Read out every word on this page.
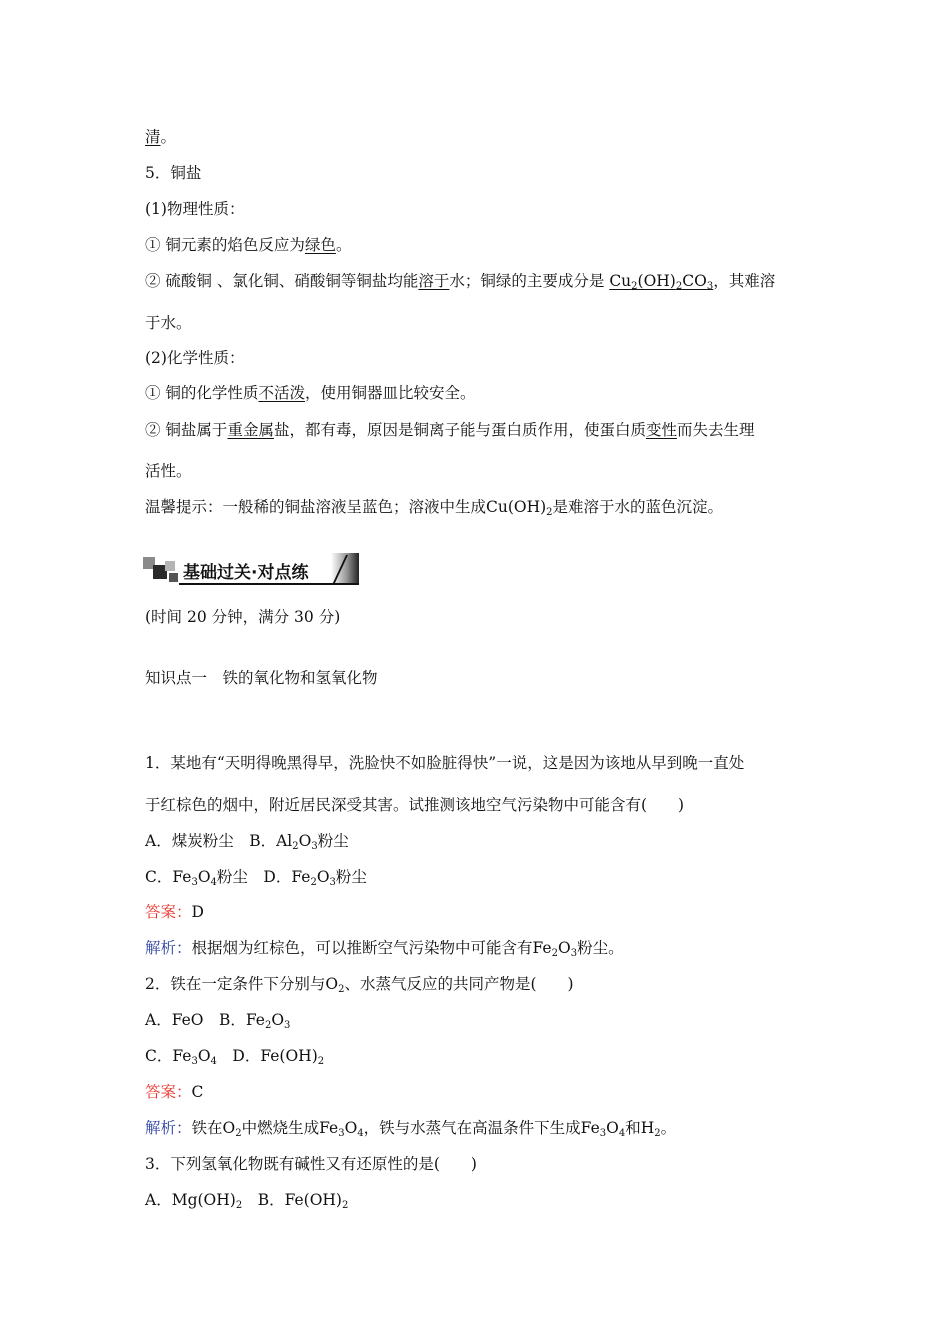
清。
5．铜盐
(1)物理性质：
① 铜元素的焰色反应为绿色。
② 硫酸铜 、氯化铜、硝酸铜等铜盐均能溶于水；铜绿的主要成分是 $Cu_2(OH)_2CO_3$，其难溶
于水。
(2)化学性质：
① 铜的化学性质不活泼，使用铜器皿比较安全。
② 铜盐属于重金属盐，都有毒，原因是铜离子能与蛋白质作用，使蛋白质变性而失去生理
活性。
温馨提示：一般稀的铜盐溶液呈蓝色；溶液中生成$Cu(OH)_2$是难溶于水的蓝色沉淀。
基础过关·对点练
(时间 20 分钟，满分 30 分)
知识点一　铁的氧化物和氢氧化物
1．某地有“天明得晚黑得早，洗脸快不如脸脏得快”一说，这是因为该地从早到晚一直处
于红棕色的烟中，附近居民深受其害。试推测该地空气污染物中可能含有(　　)
A．煤炭粉尘　B．$Al_2O_3$粉尘
C．$Fe_3O_4$粉尘　D．$Fe_2O_3$粉尘
答案：D
解析：根据烟为红棕色，可以推断空气污染物中可能含有$Fe_2O_3$粉尘。
2．铁在一定条件下分别与$O_2$、水蒸气反应的共同产物是(　　)
A．FeO　B．$Fe_2O_3$
C．$Fe_3O_4$　D．$Fe(OH)_2$
答案：C
解析：铁在$O_2$中燃烧生成$Fe_3O_4$，铁与水蒸气在高温条件下生成$Fe_3O_4$和$H_2$。
3．下列氢氧化物既有碱性又有还原性的是(　　)
A．$Mg(OH)_2$　B．$Fe(OH)_2$
